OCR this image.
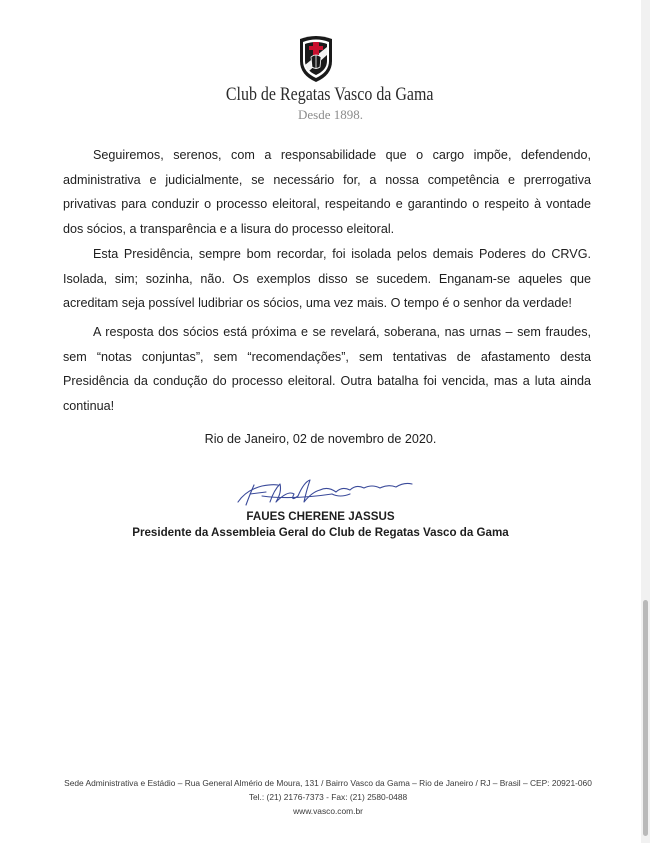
Club de Regatas Vasco da Gama
Desde 1898.

Seguiremos, serenos, com a responsabilidade que o cargo impõe, defendendo, administrativa e judicialmente, se necessário for, a nossa competência e prerrogativa privativas para conduzir o processo eleitoral, respeitando e garantindo o respeito à vontade dos sócios, a transparência e a lisura do processo eleitoral.

Esta Presidência, sempre bom recordar, foi isolada pelos demais Poderes do CRVG. Isolada, sim; sozinha, não. Os exemplos disso se sucedem. Enganam-se aqueles que acreditam seja possível ludibriar os sócios, uma vez mais. O tempo é o senhor da verdade!

A resposta dos sócios está próxima e se revelará, soberana, nas urnas – sem fraudes, sem “notas conjuntas”, sem “recomendações”, sem tentativas de afastamento desta Presidência da condução do processo eleitoral. Outra batalha foi vencida, mas a luta ainda continua!

Rio de Janeiro, 02 de novembro de 2020.
FAUES CHERENE JASSUS
Presidente da Assembleia Geral do Club de Regatas Vasco da Gama
Sede Administrativa e Estádio – Rua General Almério de Moura, 131 / Bairro Vasco da Gama – Rio de Janeiro / RJ – Brasil – CEP: 20921-060
Tel.: (21) 2176-7373 - Fax: (21) 2580-0488
www.vasco.com.br
